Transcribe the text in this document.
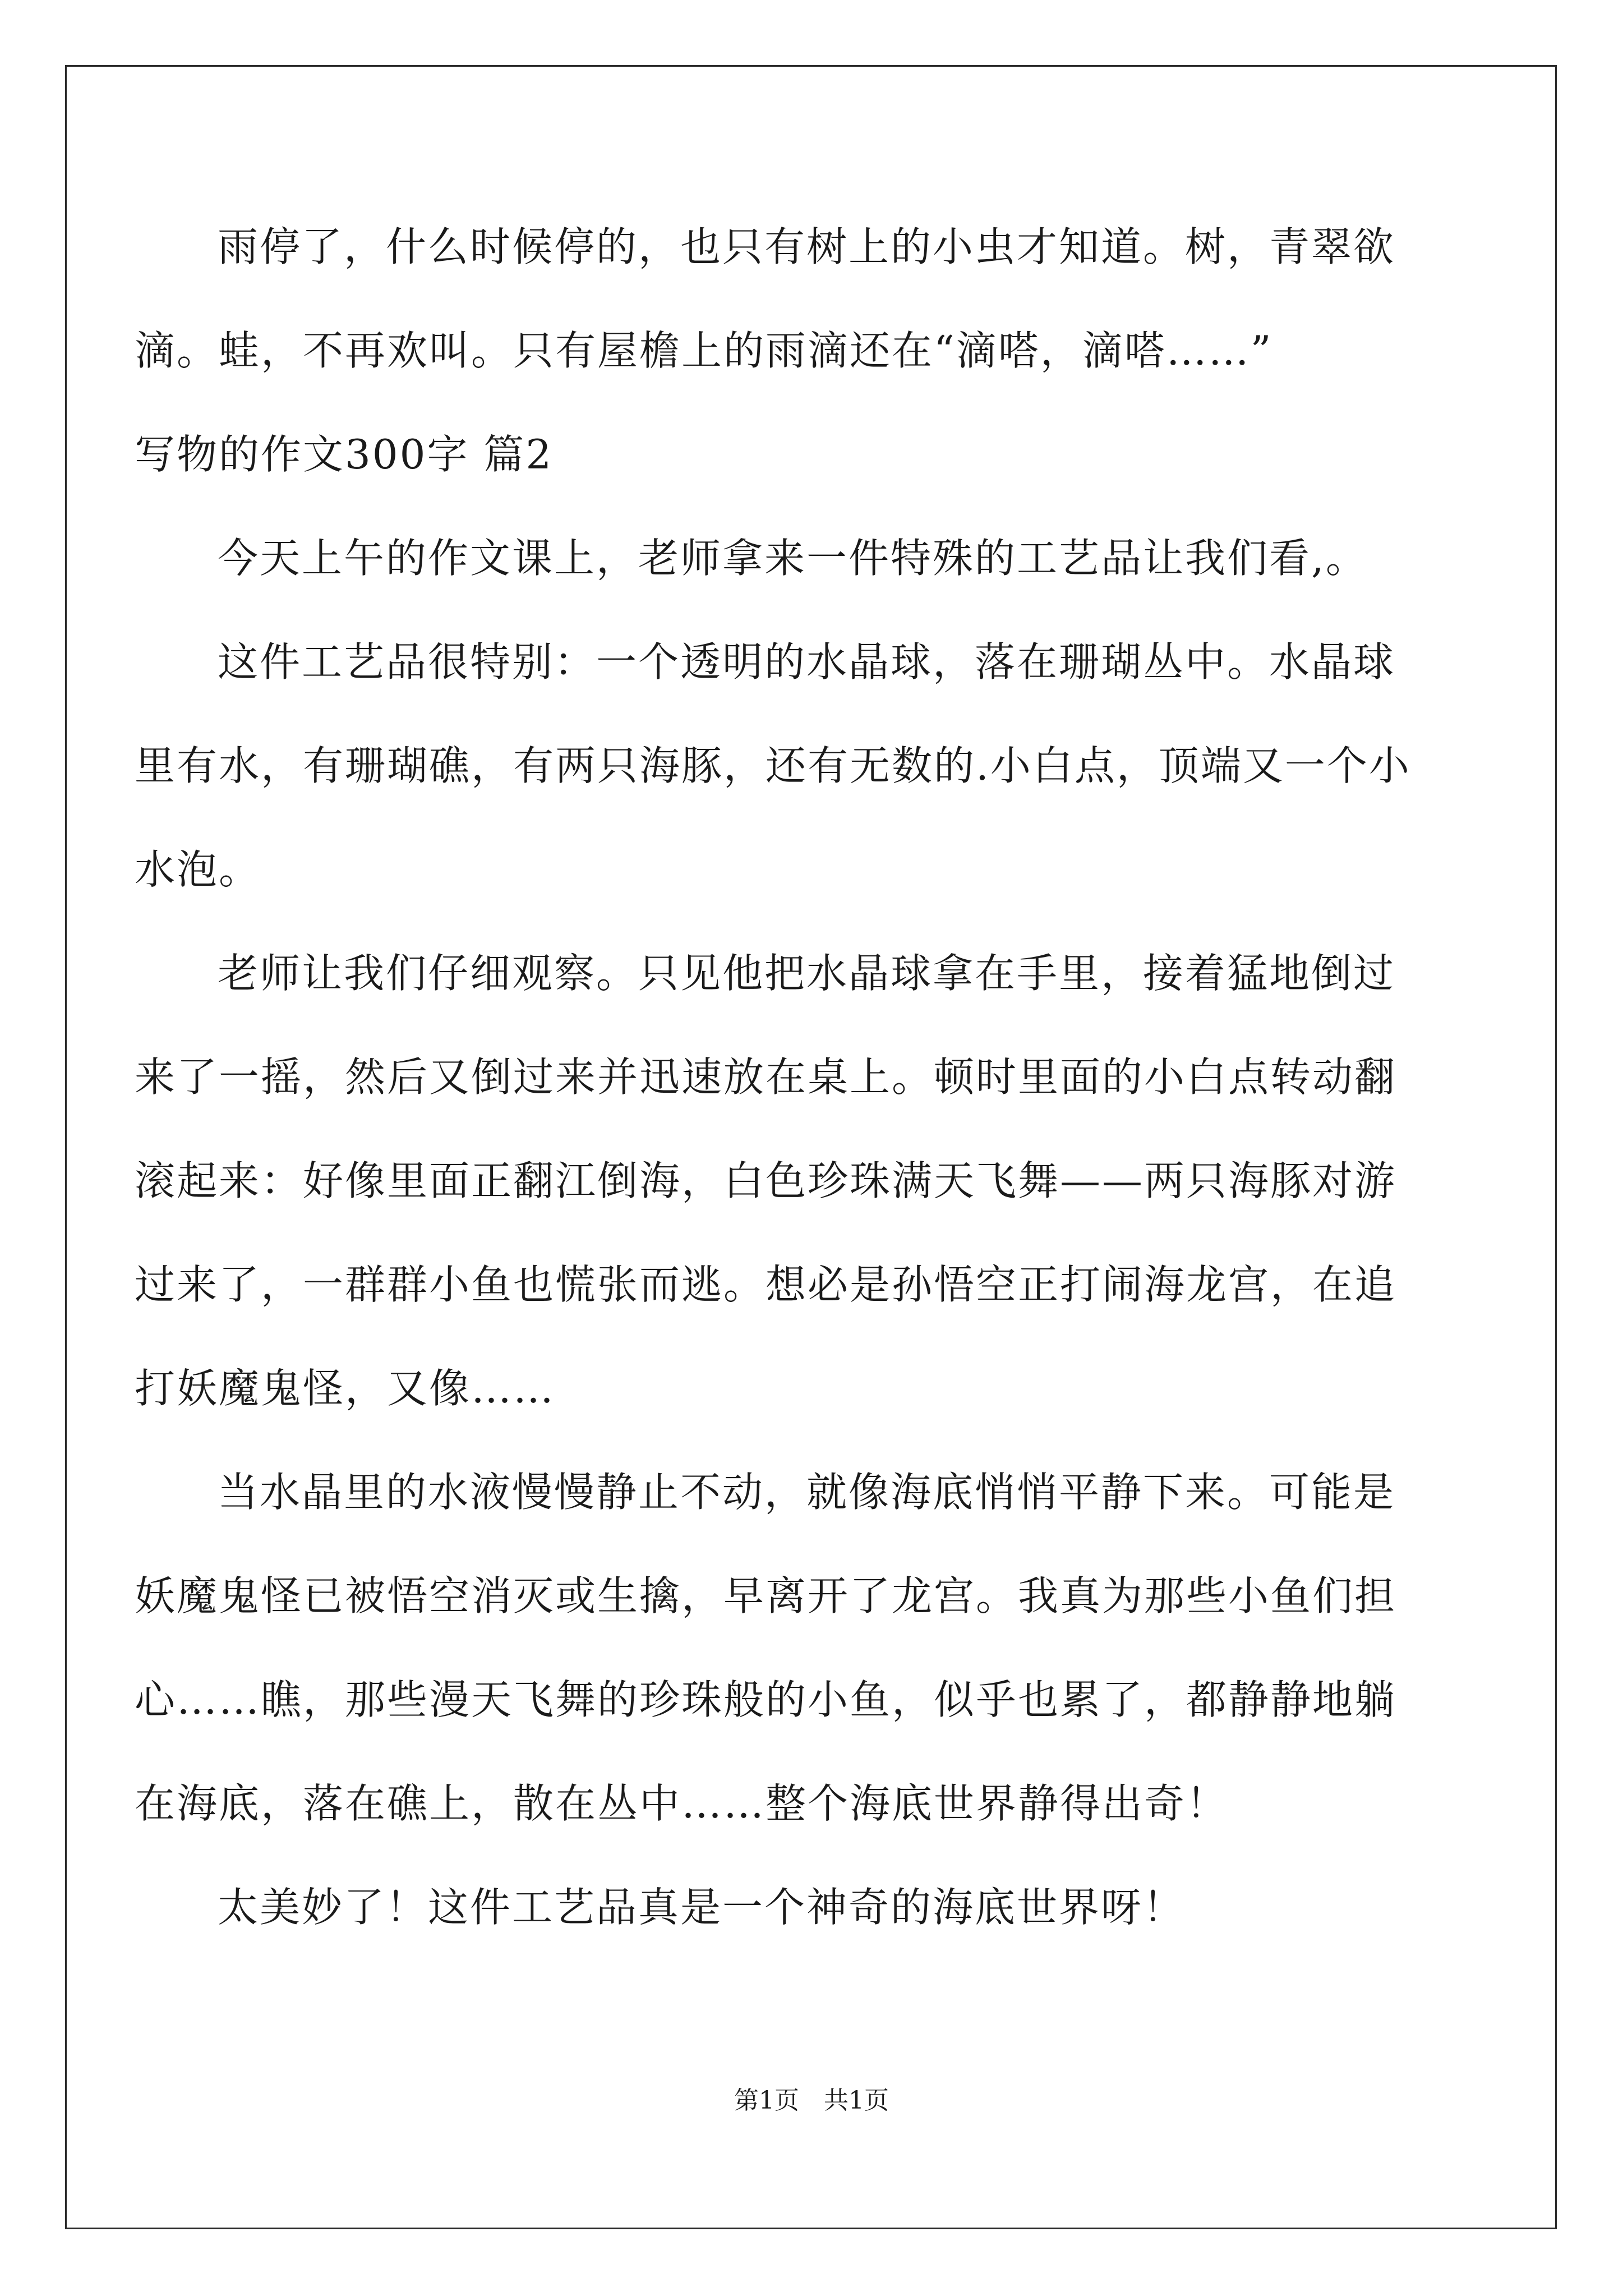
雨停了，什么时候停的，也只有树上的小虫才知道。树，青翠欲
滴。蛙，不再欢叫。只有屋檐上的雨滴还在“滴嗒，滴嗒……”
写物的作文300字 篇2
今天上午的作文课上，老师拿来一件特殊的工艺品让我们看,。
这件工艺品很特别：一个透明的水晶球，落在珊瑚丛中。水晶球
里有水，有珊瑚礁，有两只海豚，还有无数的.小白点，顶端又一个小
水泡。
老师让我们仔细观察。只见他把水晶球拿在手里，接着猛地倒过
来了一摇，然后又倒过来并迅速放在桌上。顿时里面的小白点转动翻
滚起来：好像里面正翻江倒海，白色珍珠满天飞舞——两只海豚对游
过来了，一群群小鱼也慌张而逃。想必是孙悟空正打闹海龙宫，在追
打妖魔鬼怪，又像……
当水晶里的水液慢慢静止不动，就像海底悄悄平静下来。可能是
妖魔鬼怪已被悟空消灭或生擒，早离开了龙宫。我真为那些小鱼们担
心……瞧，那些漫天飞舞的珍珠般的小鱼，似乎也累了，都静静地躺
在海底，落在礁上，散在丛中……整个海底世界静得出奇！
太美妙了！这件工艺品真是一个神奇的海底世界呀！
第1页　共1页
